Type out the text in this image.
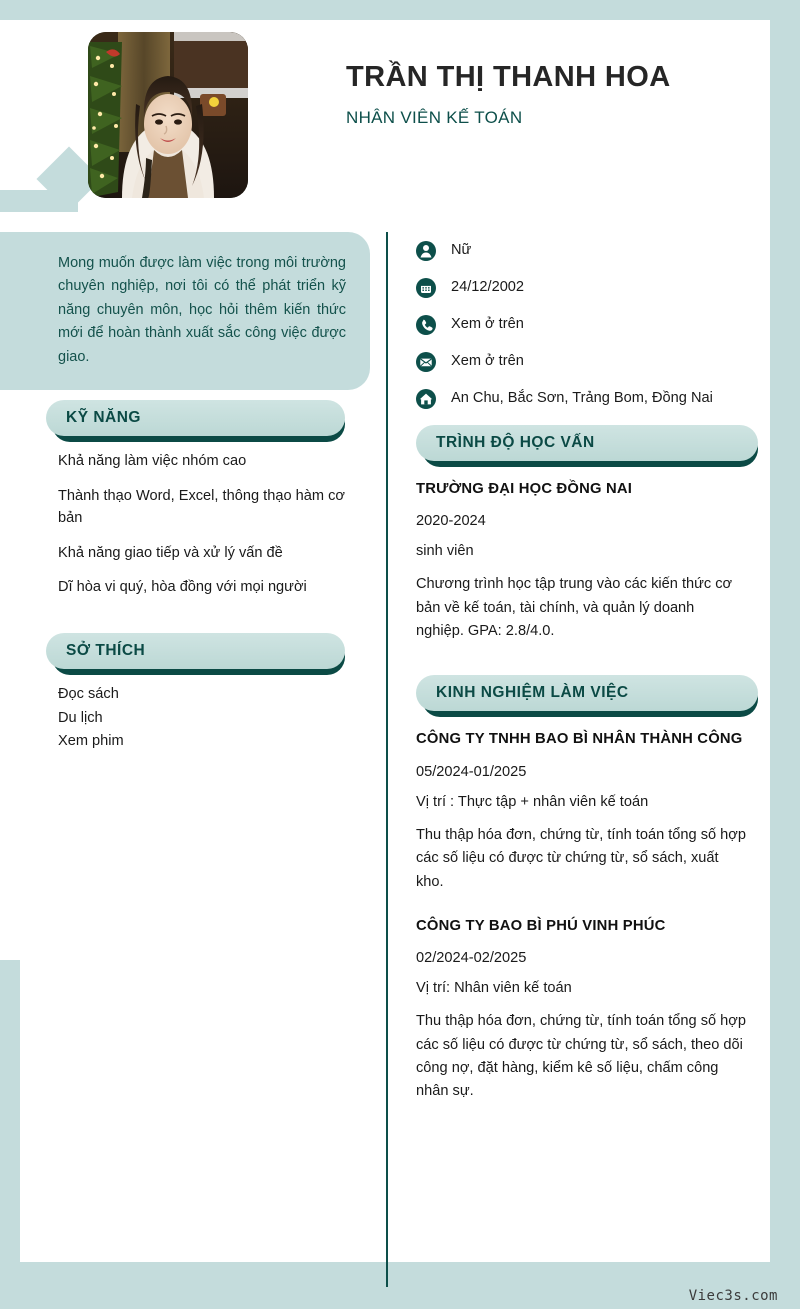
TRẦN THỊ THANH HOA
NHÂN VIÊN KẾ TOÁN

Mong muốn được làm việc trong môi trường chuyên nghiệp, nơi tôi có thể phát triển kỹ năng chuyên môn, học hỏi thêm kiến thức mới để hoàn thành xuất sắc công việc được giao.

KỸ NĂNG

Khả năng làm việc nhóm cao

Thành thạo Word, Excel, thông thạo hàm cơ bản

Khả năng giao tiếp và xử lý vấn đề

Dĩ hòa vi quý, hòa đồng với mọi người

SỞ THÍCH

Đọc sách

Du lịch

Xem phim

Nữ
24/12/2002
Xem ở trên
Xem ở trên
An Chu, Bắc Sơn, Trảng Bom, Đồng Nai
TRÌNH ĐỘ HỌC VẤN

TRƯỜNG ĐẠI HỌC ĐỒNG NAI

2020-2024

sinh viên

Chương trình học tập trung vào các kiến thức cơ bản về kế toán, tài chính, và quản lý doanh nghiệp. GPA: 2.8/4.0.

KINH NGHIỆM LÀM VIỆC

CÔNG TY TNHH BAO BÌ NHÂN THÀNH CÔNG

05/2024-01/2025

Vị trí : Thực tập + nhân viên kế toán

Thu thập hóa đơn, chứng từ, tính toán tổng số hợp các số liệu có được từ chứng từ, sổ sách, xuất kho.

CÔNG TY BAO BÌ PHÚ VINH PHÚC

02/2024-02/2025

Vị trí: Nhân viên kế toán

Thu thập hóa đơn, chứng từ, tính toán tổng số hợp các số liệu có được từ chứng từ, sổ sách, theo dõi công nợ, đặt hàng, kiểm kê số liệu, chấm công nhân sự.

Viec3s.com
